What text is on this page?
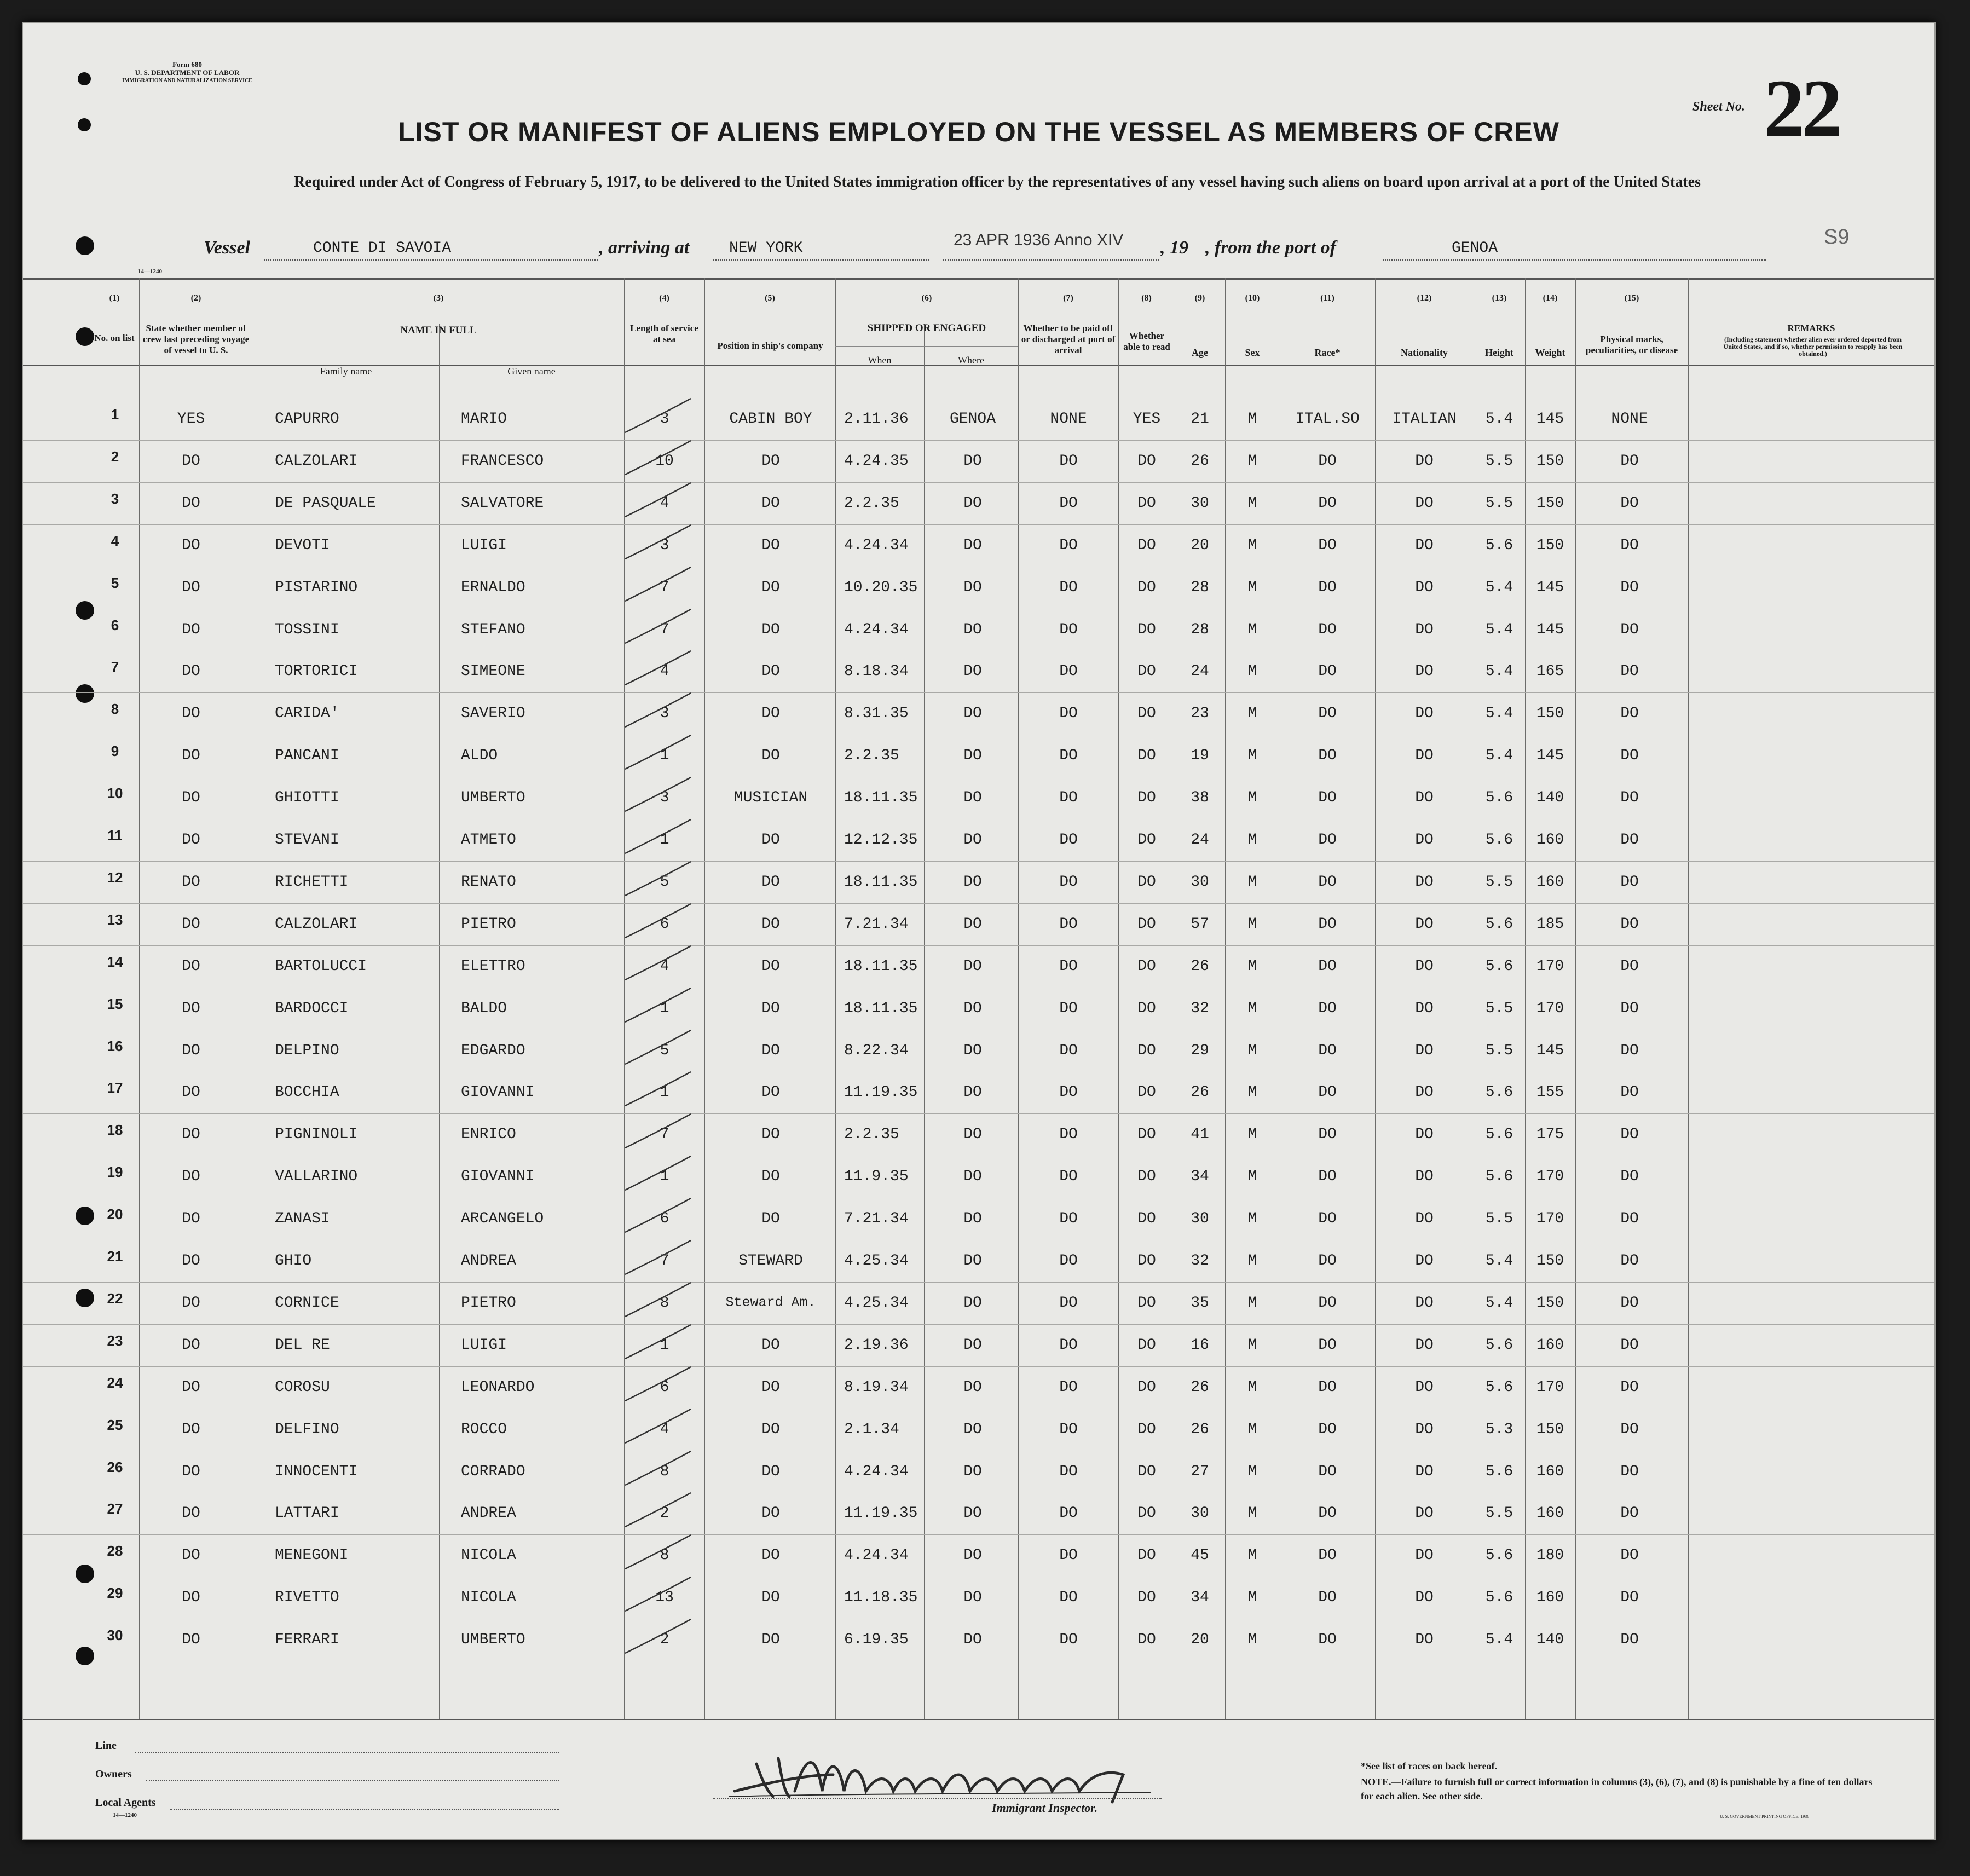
Form 680
U. S. DEPARTMENT OF LABOR
IMMIGRATION AND NATURALIZATION SERVICE
Sheet No. 22
LIST OR MANIFEST OF ALIENS EMPLOYED ON THE VESSEL AS MEMBERS OF CREW
Required under Act of Congress of February 5, 1917, to be delivered to the United States immigration officer by the representatives of any vessel having such aliens on board upon arrival at a port of the United States
Vessel	CONTE DI SAVOIA	, arriving at	NEW YORK	23 APR 1936 Anno XIV , 19 , from the port of	GENOA	S9
14—1240
(1)	(2)	(3)	(4)	(5)	(6)	(7)	(8)	(9)	(10)	(11)	(12)	(13)	(14)	(15)
No. on list
State whether member of crew last preceding voyage of vessel to U. S.
NAME IN FULL
Family name	Given name
Length of service at sea
Position in ship's company
SHIPPED OR ENGAGED
When	Where
Whether to be paid off or discharged at port of arrival
Whether able to read
Age	Sex	Race*	Nationality	Height	Weight
Physical marks, peculiarities, or disease
REMARKS
(Including statement whether alien ever ordered deported from United States, and if so, whether permission to reapply has been obtained.)
1	YES	CAPURRO	MARIO	3	CABIN BOY	2.11.36	GENOA	NONE	YES	21	M	ITAL.SO	ITALIAN	5.4	145	NONE
2	DO	CALZOLARI	FRANCESCO	10	DO	4.24.35	DO	DO	DO	26	M	DO	DO	5.5	150	DO
3	DO	DE PASQUALE	SALVATORE	4	DO	2.2.35	DO	DO	DO	30	M	DO	DO	5.5	150	DO
4	DO	DEVOTI	LUIGI	3	DO	4.24.34	DO	DO	DO	20	M	DO	DO	5.6	150	DO
5	DO	PISTARINO	ERNALDO	7	DO	10.20.35	DO	DO	DO	28	M	DO	DO	5.4	145	DO
6	DO	TOSSINI	STEFANO	7	DO	4.24.34	DO	DO	DO	28	M	DO	DO	5.4	145	DO
7	DO	TORTORICI	SIMEONE	4	DO	8.18.34	DO	DO	DO	24	M	DO	DO	5.4	165	DO
8	DO	CARIDA'	SAVERIO	3	DO	8.31.35	DO	DO	DO	23	M	DO	DO	5.4	150	DO
9	DO	PANCANI	ALDO	1	DO	2.2.35	DO	DO	DO	19	M	DO	DO	5.4	145	DO
10	DO	GHIOTTI	UMBERTO	3	MUSICIAN	18.11.35	DO	DO	DO	38	M	DO	DO	5.6	140	DO
11	DO	STEVANI	ATMETO	1	DO	12.12.35	DO	DO	DO	24	M	DO	DO	5.6	160	DO
12	DO	RICHETTI	RENATO	5	DO	18.11.35	DO	DO	DO	30	M	DO	DO	5.5	160	DO
13	DO	CALZOLARI	PIETRO	6	DO	7.21.34	DO	DO	DO	57	M	DO	DO	5.6	185	DO
14	DO	BARTOLUCCI	ELETTRO	4	DO	18.11.35	DO	DO	DO	26	M	DO	DO	5.6	170	DO
15	DO	BARDOCCI	BALDO	1	DO	18.11.35	DO	DO	DO	32	M	DO	DO	5.5	170	DO
16	DO	DELPINO	EDGARDO	5	DO	8.22.34	DO	DO	DO	29	M	DO	DO	5.5	145	DO
17	DO	BOCCHIA	GIOVANNI	1	DO	11.19.35	DO	DO	DO	26	M	DO	DO	5.6	155	DO
18	DO	PIGNINOLI	ENRICO	7	DO	2.2.35	DO	DO	DO	41	M	DO	DO	5.6	175	DO
19	DO	VALLARINO	GIOVANNI	1	DO	11.9.35	DO	DO	DO	34	M	DO	DO	5.6	170	DO
20	DO	ZANASI	ARCANGELO	6	DO	7.21.34	DO	DO	DO	30	M	DO	DO	5.5	170	DO
21	DO	GHIO	ANDREA	7	STEWARD	4.25.34	DO	DO	DO	32	M	DO	DO	5.4	150	DO
22	DO	CORNICE	PIETRO	8	Steward Am.	4.25.34	DO	DO	DO	35	M	DO	DO	5.4	150	DO
23	DO	DEL RE	LUIGI	1	DO	2.19.36	DO	DO	DO	16	M	DO	DO	5.6	160	DO
24	DO	COROSU	LEONARDO	6	DO	8.19.34	DO	DO	DO	26	M	DO	DO	5.6	170	DO
25	DO	DELFINO	ROCCO	4	DO	2.1.34	DO	DO	DO	26	M	DO	DO	5.3	150	DO
26	DO	INNOCENTI	CORRADO	8	DO	4.24.34	DO	DO	DO	27	M	DO	DO	5.6	160	DO
27	DO	LATTARI	ANDREA	2	DO	11.19.35	DO	DO	DO	30	M	DO	DO	5.5	160	DO
28	DO	MENEGONI	NICOLA	8	DO	4.24.34	DO	DO	DO	45	M	DO	DO	5.6	180	DO
29	DO	RIVETTO	NICOLA	13	DO	11.18.35	DO	DO	DO	34	M	DO	DO	5.6	160	DO
30	DO	FERRARI	UMBERTO	2	DO	6.19.35	DO	DO	DO	20	M	DO	DO	5.4	140	DO
Line
Owners
Local Agents
14—1240
Immigrant Inspector.
*See list of races on back hereof.
NOTE.—Failure to furnish full or correct information in columns (3), (6), (7), and (8) is punishable by a fine of ten dollars for each alien. See other side.
U. S. GOVERNMENT PRINTING OFFICE: 1936
